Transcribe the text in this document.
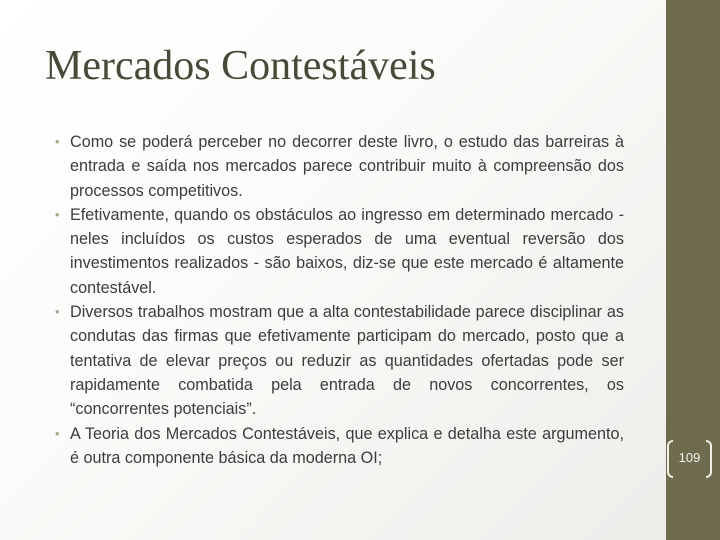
Mercados Contestáveis
• Como se poderá perceber no decorrer deste livro, o estudo das barreiras à entrada e saída nos mercados parece contribuir muito à compreensão dos processos competitivos.
• Efetivamente, quando os obstáculos ao ingresso em determinado mercado - neles incluídos os custos esperados de uma eventual reversão dos investimentos realizados - são baixos, diz-se que este mercado é altamente contestável.
• Diversos trabalhos mostram que a alta contestabilidade parece disciplinar as condutas das firmas que efetivamente participam do mercado, posto que a tentativa de elevar preços ou reduzir as quantidades ofertadas pode ser rapidamente combatida pela entrada de novos concorrentes, os “concorrentes potenciais”.
• A Teoria dos Mercados Contestáveis, que explica e detalha este argumento, é outra componente básica da moderna OI;	109
